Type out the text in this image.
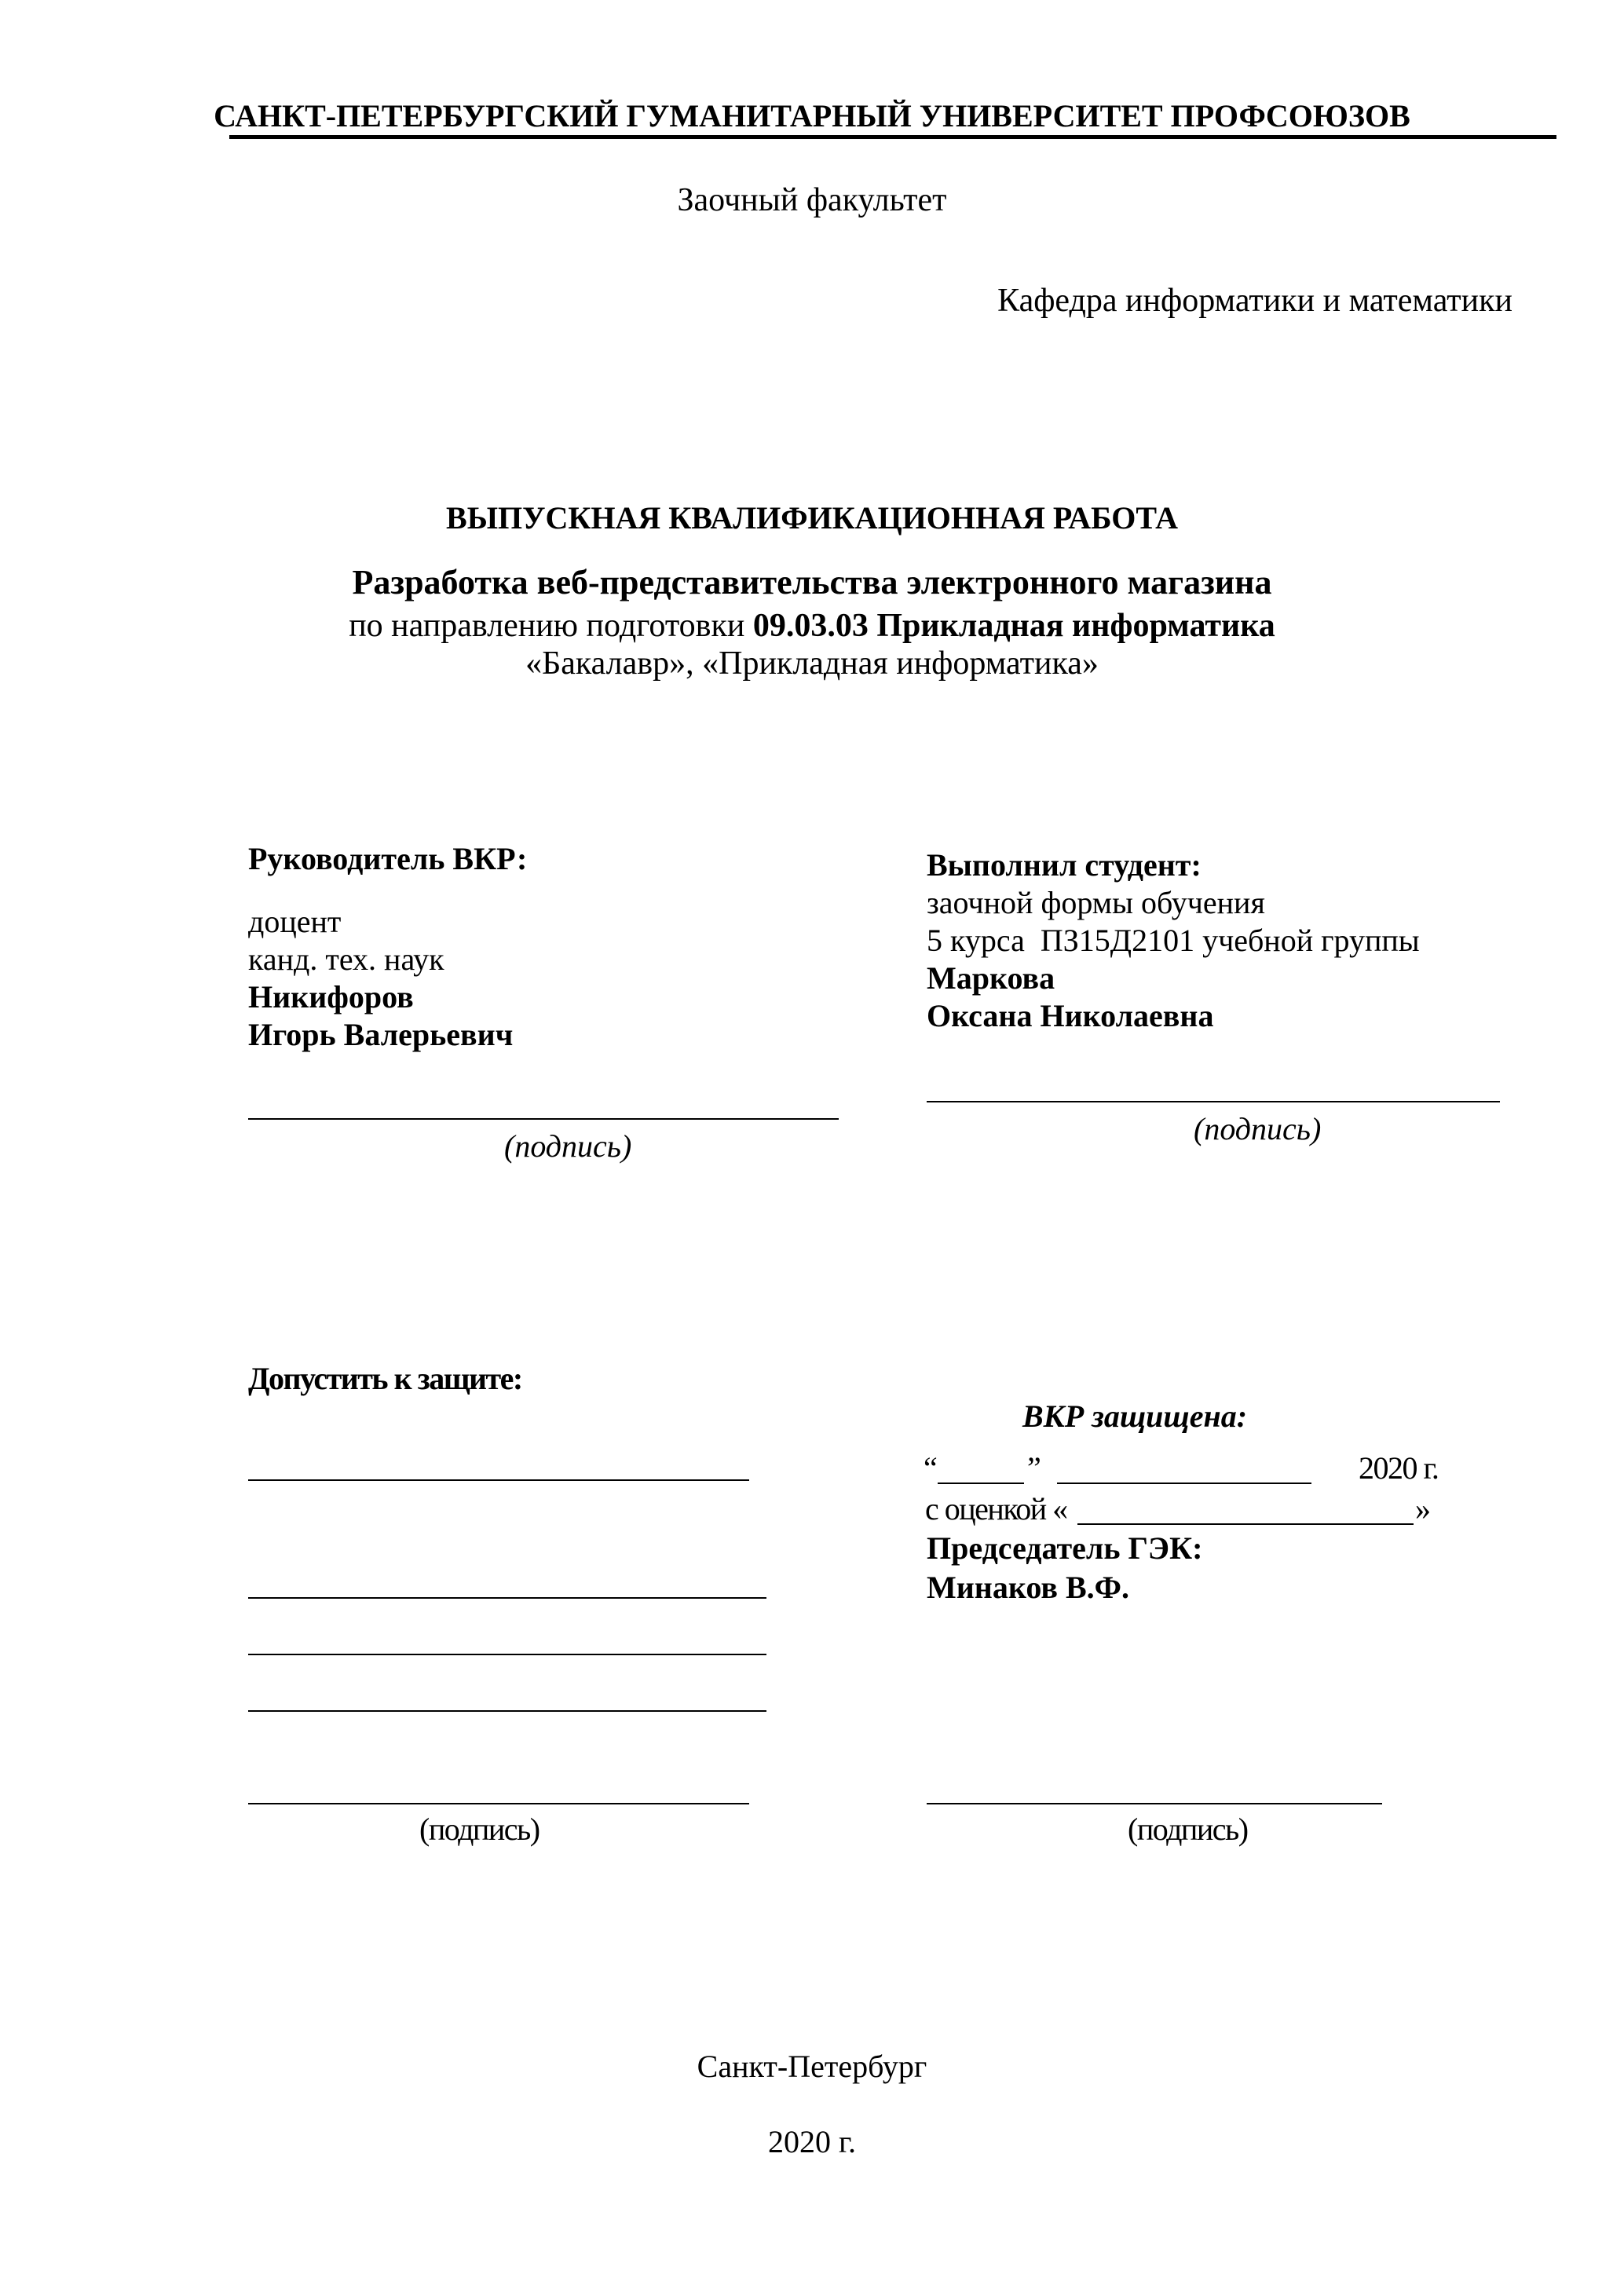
САНКТ-ПЕТЕРБУРГСКИЙ ГУМАНИТАРНЫЙ УНИВЕРСИТЕТ ПРОФСОЮЗОВ
Заочный факультет
Кафедра информатики и математики
ВЫПУСКНАЯ КВАЛИФИКАЦИОННАЯ РАБОТА
Разработка веб-представительства электронного магазина
по направлению подготовки 09.03.03 Прикладная информатика
«Бакалавр», «Прикладная информатика»
Руководитель ВКР:
доцент
канд. тех. наук
Никифоров
Игорь Валерьевич
(подпись)
Выполнил студент:
заочной формы обучения
5 курса  ПЗ15Д2101 учебной группы
Маркова
Оксана Николаевна
(подпись)
Допустить к защите:
(подпись)
ВКР защищена:
“	”	2020 г.
с оценкой «	»
Председатель ГЭК:
Минаков В.Ф.
(подпись)
Санкт-Петербург
2020 г.
